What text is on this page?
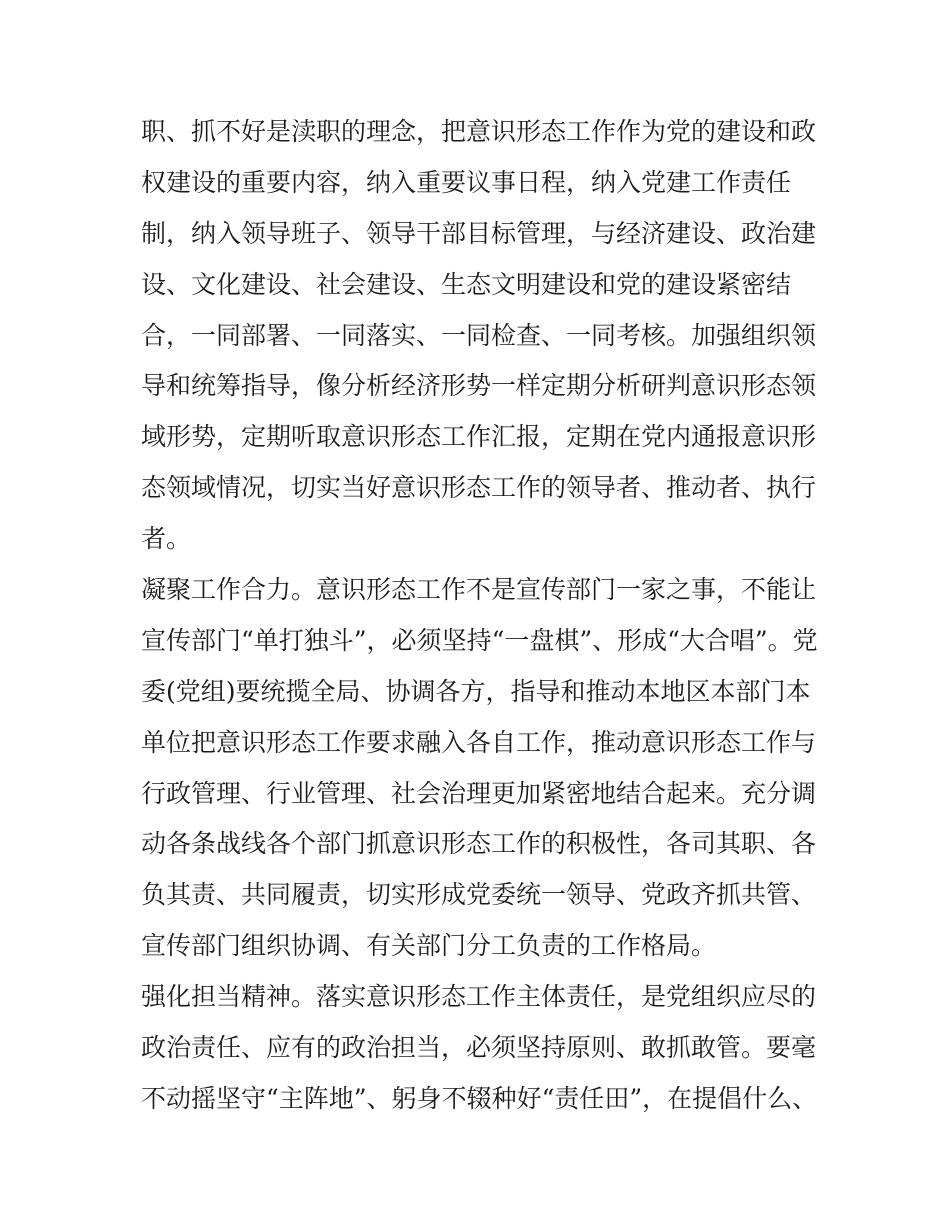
职、抓不好是渎职的理念，把意识形态工作作为党的建设和政
权建设的重要内容，纳入重要议事日程，纳入党建工作责任
制，纳入领导班子、领导干部目标管理，与经济建设、政治建
设、文化建设、社会建设、生态文明建设和党的建设紧密结
合，一同部署、一同落实、一同检查、一同考核。加强组织领
导和统筹指导，像分析经济形势一样定期分析研判意识形态领
域形势，定期听取意识形态工作汇报，定期在党内通报意识形
态领域情况，切实当好意识形态工作的领导者、推动者、执行
者。
凝聚工作合力。意识形态工作不是宣传部门一家之事，不能让
宣传部门“单打独斗”，必须坚持“一盘棋”、形成“大合唱”。党
委(党组)要统揽全局、协调各方，指导和推动本地区本部门本
单位把意识形态工作要求融入各自工作，推动意识形态工作与
行政管理、行业管理、社会治理更加紧密地结合起来。充分调
动各条战线各个部门抓意识形态工作的积极性，各司其职、各
负其责、共同履责，切实形成党委统一领导、党政齐抓共管、
宣传部门组织协调、有关部门分工负责的工作格局。
强化担当精神。落实意识形态工作主体责任，是党组织应尽的
政治责任、应有的政治担当，必须坚持原则、敢抓敢管。要毫
不动摇坚守“主阵地”、躬身不辍种好“责任田”，在提倡什么、
